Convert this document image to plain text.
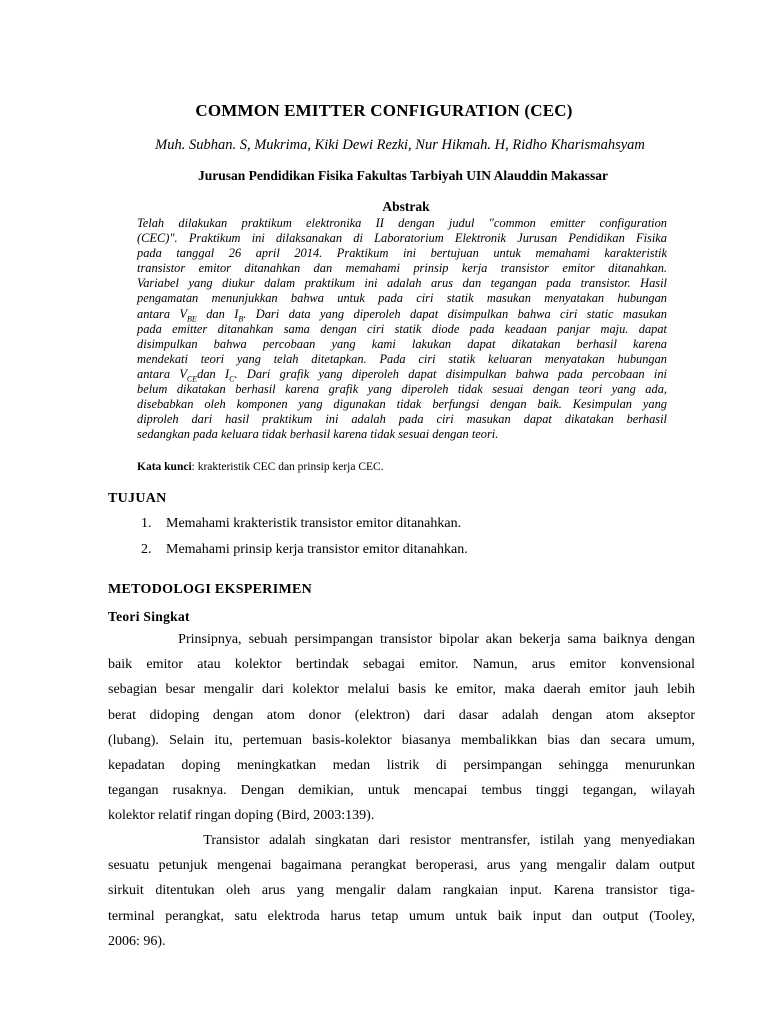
COMMON EMITTER CONFIGURATION (CEC)
Muh. Subhan. S, Mukrima, Kiki Dewi Rezki, Nur Hikmah. H, Ridho Kharismahsyam
Jurusan Pendidikan Fisika Fakultas Tarbiyah UIN Alauddin Makassar
Abstrak
Telah dilakukan praktikum elektronika II dengan judul "common emitter configuration
(CEC)". Praktikum ini dilaksanakan di Laboratorium Elektronik Jurusan Pendidikan Fisika
pada tanggal 26 april 2014. Praktikum ini bertujuan untuk memahami karakteristik
transistor emitor ditanahkan dan memahami prinsip kerja transistor emitor ditanahkan.
Variabel yang diukur dalam praktikum ini adalah arus dan tegangan pada transistor. Hasil
pengamatan menunjukkan bahwa untuk pada ciri statik masukan menyatakan hubungan
antara $V_{BE}$ dan $I_B$. Dari data yang diperoleh dapat disimpulkan bahwa ciri static masukan
pada emitter ditanahkan sama dengan ciri statik diode pada keadaan panjar maju. dapat
disimpulkan bahwa percobaan yang kami lakukan dapat dikatakan berhasil karena
mendekati teori yang telah ditetapkan. Pada ciri statik keluaran menyatakan hubungan
antara $V_{CE}dan$ $I_C$. Dari grafik yang diperoleh dapat disimpulkan bahwa pada percobaan ini
belum dikatakan berhasil karena grafik yang diperoleh tidak sesuai dengan teori yang ada,
disebabkan oleh komponen yang digunakan tidak berfungsi dengan baik. Kesimpulan yang
diproleh dari hasil praktikum ini adalah pada ciri masukan dapat dikatakan berhasil
sedangkan pada keluara tidak berhasil karena tidak sesuai dengan teori.
Kata kunci: krakteristik CEC dan prinsip kerja CEC.
TUJUAN
1. Memahami krakteristik transistor emitor ditanahkan.
2. Memahami prinsip kerja transistor emitor ditanahkan.
METODOLOGI EKSPERIMEN
Teori Singkat
Prinsipnya, sebuah persimpangan transistor bipolar akan bekerja sama baiknya dengan
baik emitor atau kolektor bertindak sebagai emitor. Namun, arus emitor konvensional
sebagian besar mengalir dari kolektor melalui basis ke emitor, maka daerah emitor jauh lebih
berat didoping dengan atom donor (elektron) dari dasar adalah dengan atom akseptor
(lubang). Selain itu, pertemuan basis-kolektor biasanya membalikkan bias dan secara umum,
kepadatan doping meningkatkan medan listrik di persimpangan sehingga menurunkan
tegangan rusaknya. Dengan demikian, untuk mencapai tembus tinggi tegangan, wilayah
kolektor relatif ringan doping (Bird, 2003:139).
Transistor adalah singkatan dari resistor mentransfer, istilah yang menyediakan
sesuatu petunjuk mengenai bagaimana perangkat beroperasi, arus yang mengalir dalam output
sirkuit ditentukan oleh arus yang mengalir dalam rangkaian input. Karena transistor tiga-
terminal perangkat, satu elektroda harus tetap umum untuk baik input dan output (Tooley,
2006: 96).
